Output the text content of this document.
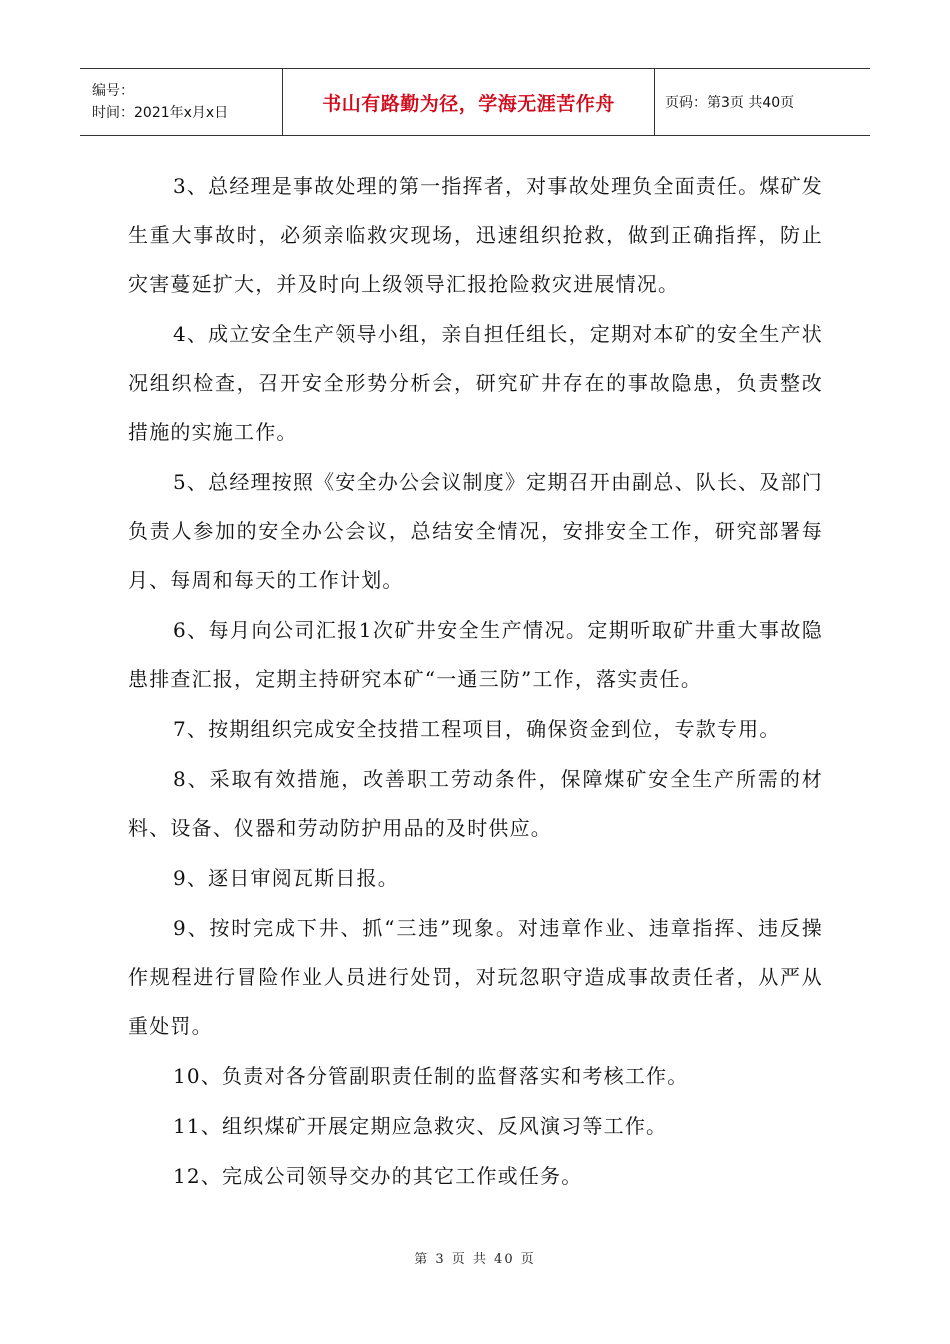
编号：
时间：2021年x月x日	书山有路勤为径，学海无涯苦作舟	页码：第3页 共40页

3、总经理是事故处理的第一指挥者，对事故处理负全面责任。煤矿发生重大事故时，必须亲临救灾现场，迅速组织抢救，做到正确指挥，防止灾害蔓延扩大，并及时向上级领导汇报抢险救灾进展情况。

4、成立安全生产领导小组，亲自担任组长，定期对本矿的安全生产状况组织检查，召开安全形势分析会，研究矿井存在的事故隐患，负责整改措施的实施工作。

5、总经理按照《安全办公会议制度》定期召开由副总、队长、及部门负责人参加的安全办公会议，总结安全情况，安排安全工作，研究部署每月、每周和每天的工作计划。

6、每月向公司汇报1次矿井安全生产情况。定期听取矿井重大事故隐患排查汇报，定期主持研究本矿“一通三防”工作，落实责任。

7、按期组织完成安全技措工程项目，确保资金到位，专款专用。

8、采取有效措施，改善职工劳动条件，保障煤矿安全生产所需的材料、设备、仪器和劳动防护用品的及时供应。

9、逐日审阅瓦斯日报。

9、按时完成下井、抓“三违”现象。对违章作业、违章指挥、违反操作规程进行冒险作业人员进行处罚，对玩忽职守造成事故责任者，从严从重处罚。

10、负责对各分管副职责任制的监督落实和考核工作。

11、组织煤矿开展定期应急救灾、反风演习等工作。

12、完成公司领导交办的其它工作或任务。

第 3 页 共 40 页
